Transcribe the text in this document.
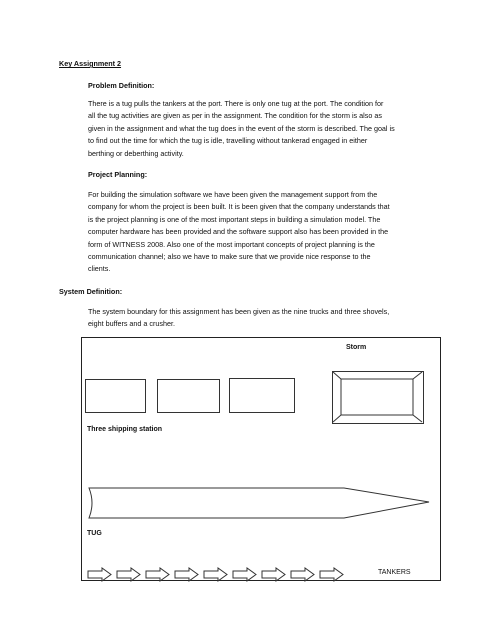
Key Assignment 2
Problem Definition:
There is a tug pulls the tankers at the port. There is only one tug at the port. The condition for
all the tug activities are given as per in the assignment. The condition for the storm is also as
given in the assignment and what the tug does in the event of the storm is described. The goal is
to find out the time for which the tug is idle, travelling without tankerad engaged in either
berthing or deberthing activity.
Project Planning:
For building the simulation software we have been given the management support from the
company for whom the project is been built. It is been given that the company understands that
is the project planning is one of the most important steps in building a simulation model. The
computer hardware has been provided and the software support also has been provided in the
form of WITNESS 2008. Also one of the most important concepts of project planning is the
communication channel; also we have to make sure that we provide nice response to the
clients.
System Definition:
The system boundary for this assignment has been given as the nine trucks and three shovels,
eight buffers and a crusher.
Storm
Three shipping station
TUG
TANKERS
